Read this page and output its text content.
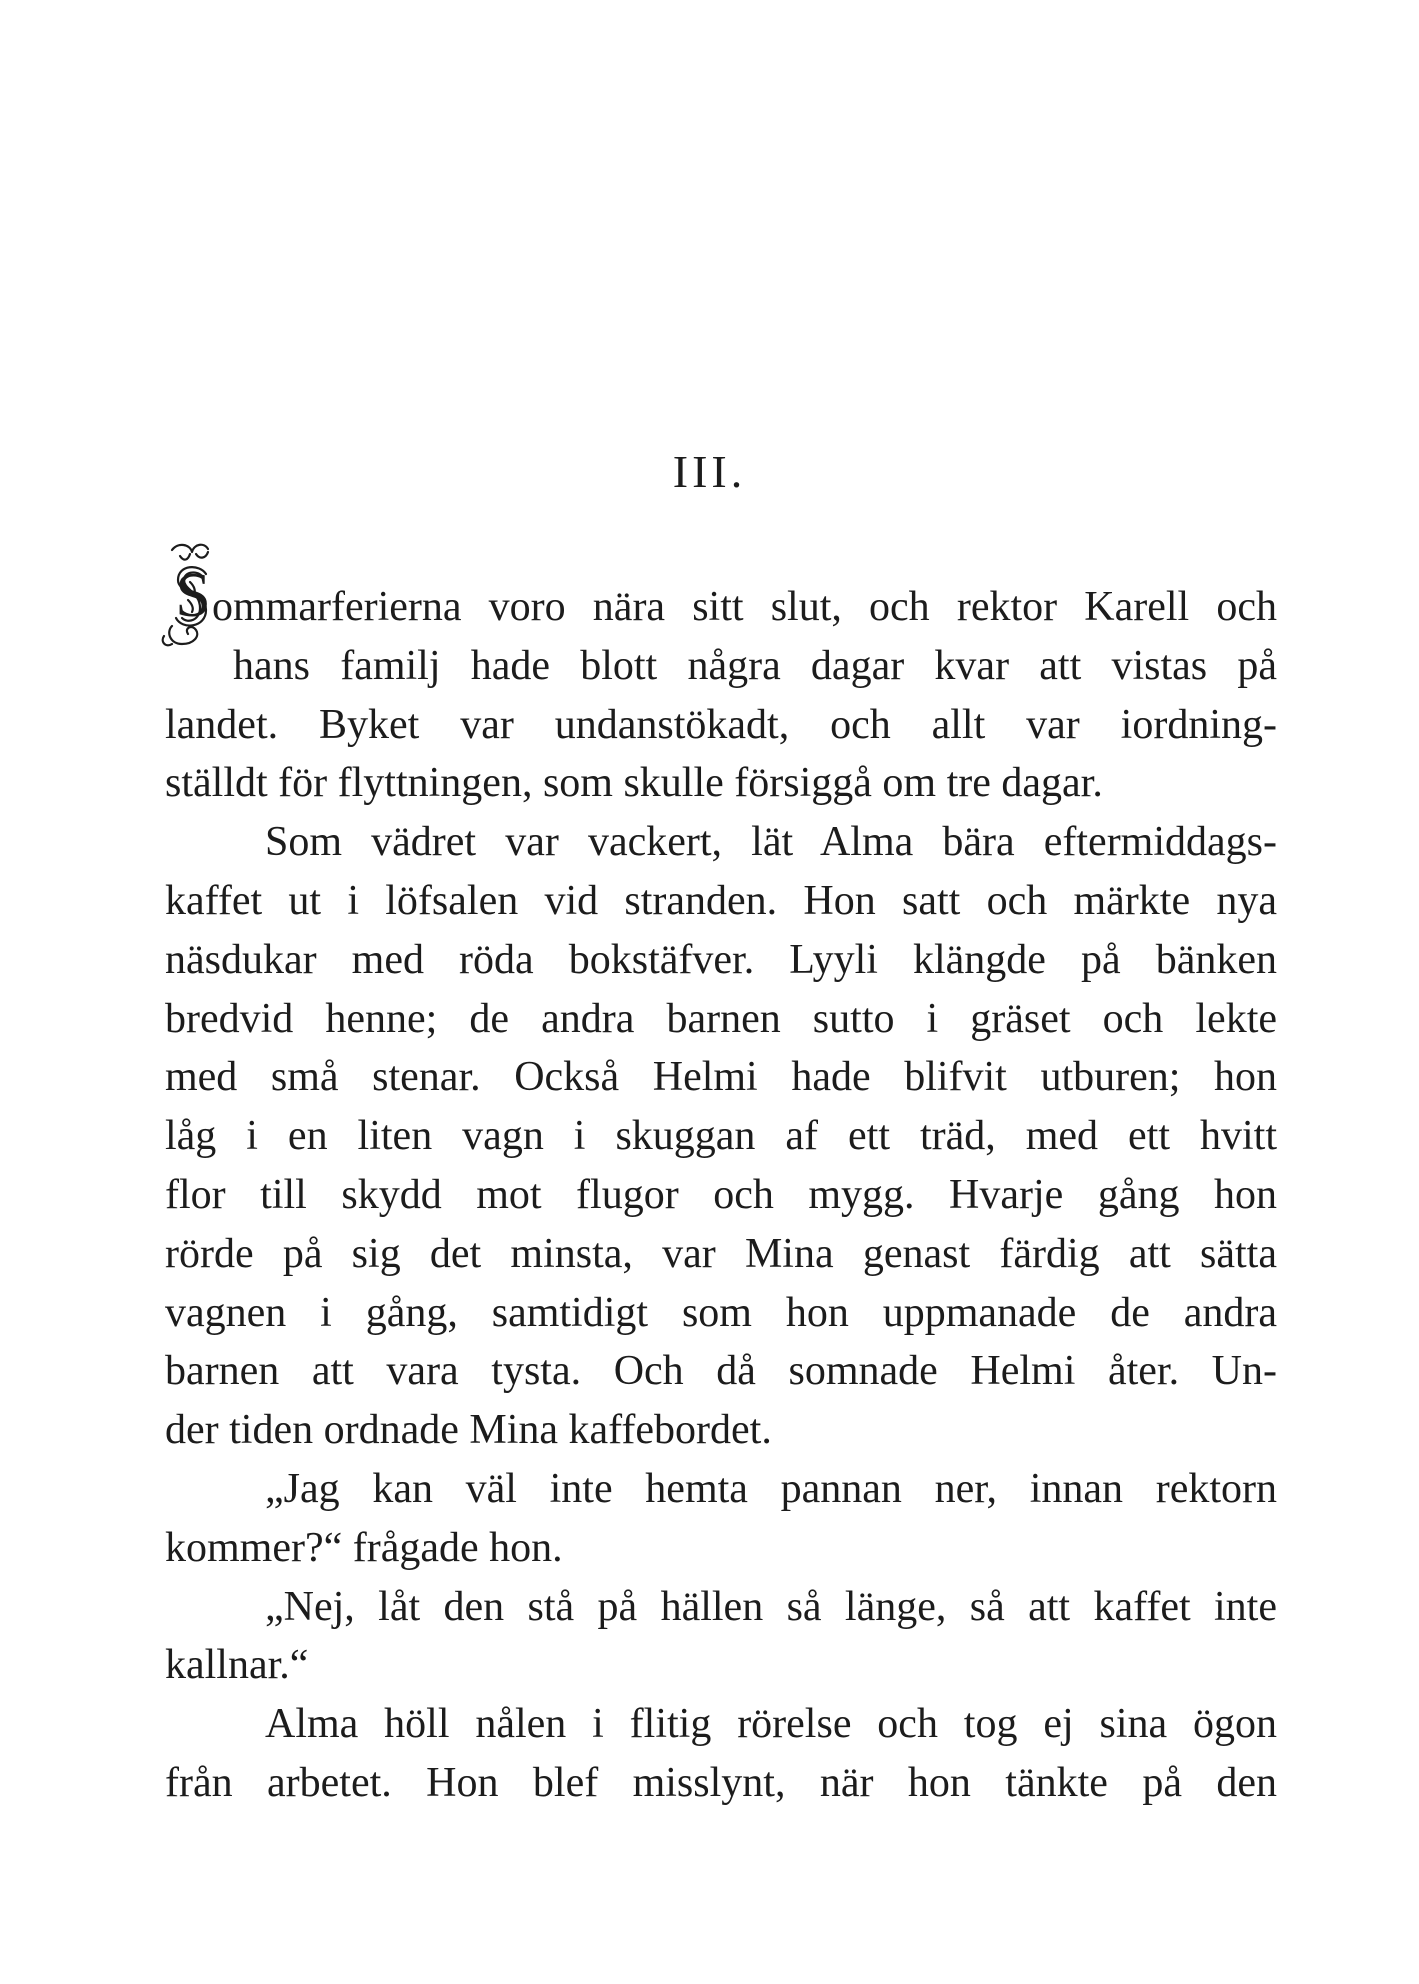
III.
S ommarferierna voro nära sitt slut, och rektor Karell och

hans familj hade blott några dagar kvar att vistas på

landet. Byket var undanstökadt, och allt var iordning-

ställdt för flyttningen, som skulle försiggå om tre dagar.

Som vädret var vackert, lät Alma bära eftermiddags-

kaffet ut i löfsalen vid stranden. Hon satt och märkte nya

näsdukar med röda bokstäfver. Lyyli klängde på bänken

bredvid henne; de andra barnen sutto i gräset och lekte

med små stenar. Också Helmi hade blifvit utburen; hon

låg i en liten vagn i skuggan af ett träd, med ett hvitt

flor till skydd mot flugor och mygg. Hvarje gång hon

rörde på sig det minsta, var Mina genast färdig att sätta

vagnen i gång, samtidigt som hon uppmanade de andra

barnen att vara tysta. Och då somnade Helmi åter. Un-

der tiden ordnade Mina kaffebordet.

„Jag kan väl inte hemta pannan ner, innan rektorn

kommer?“ frågade hon.

„Nej, låt den stå på hällen så länge, så att kaffet inte

kallnar.“

Alma höll nålen i flitig rörelse och tog ej sina ögon

från arbetet. Hon blef misslynt, när hon tänkte på den
